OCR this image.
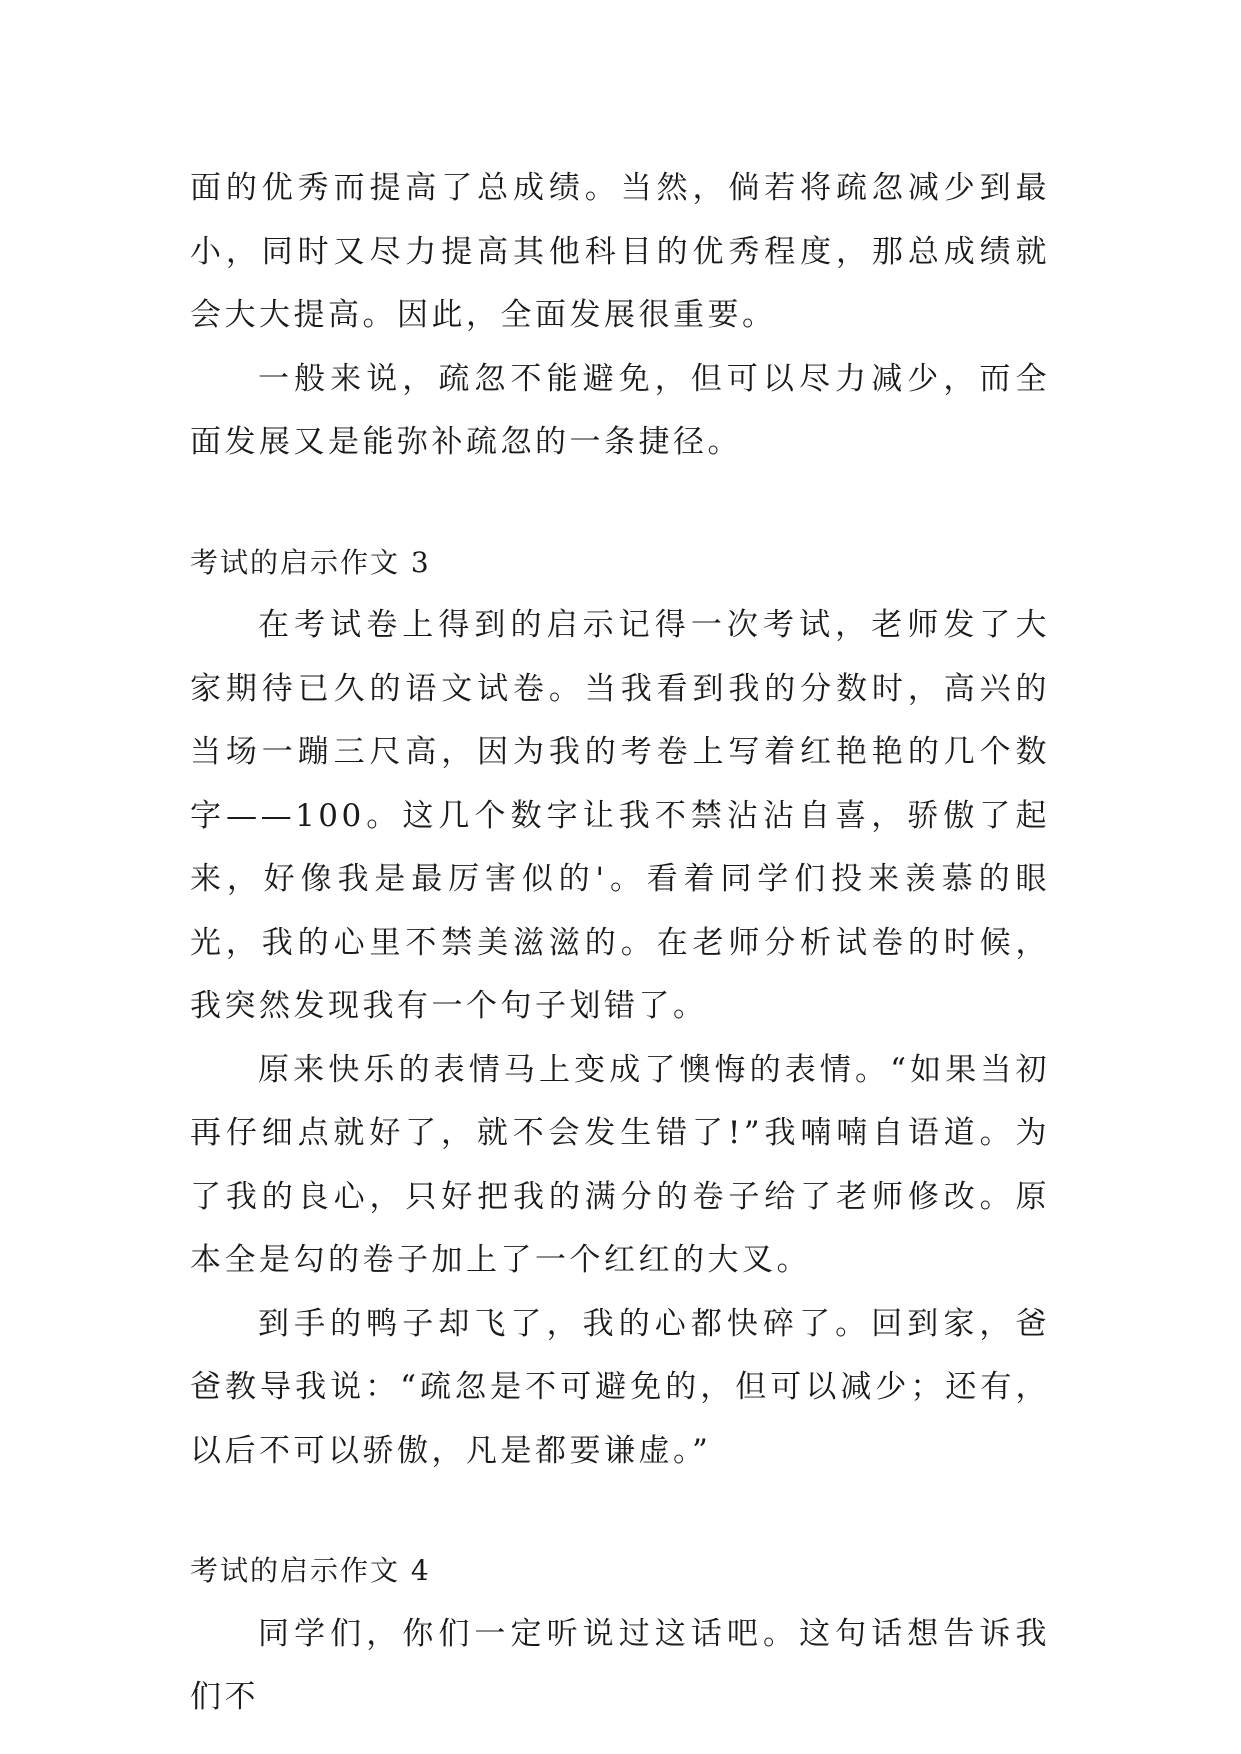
面的优秀而提高了总成绩。当然，倘若将疏忽减少到最小，同时又尽力提高其他科目的优秀程度，那总成绩就会大大提高。因此，全面发展很重要。

一般来说，疏忽不能避免，但可以尽力减少，而全面发展又是能弥补疏忽的一条捷径。

考试的启示作文 3

在考试卷上得到的启示记得一次考试，老师发了大家期待已久的语文试卷。当我看到我的分数时，高兴的当场一蹦三尺高，因为我的考卷上写着红艳艳的几个数字——100。这几个数字让我不禁沾沾自喜，骄傲了起来，好像我是最厉害似的'。看着同学们投来羡慕的眼光，我的心里不禁美滋滋的。在老师分析试卷的时候，我突然发现我有一个句子划错了。

原来快乐的表情马上变成了懊悔的表情。“如果当初再仔细点就好了，就不会发生错了!”我喃喃自语道。为了我的良心，只好把我的满分的卷子给了老师修改。原本全是勾的卷子加上了一个红红的大叉。

到手的鸭子却飞了，我的心都快碎了。回到家，爸爸教导我说：“疏忽是不可避免的，但可以减少；还有，以后不可以骄傲，凡是都要谦虚。”

考试的启示作文 4

同学们，你们一定听说过这话吧。这句话想告诉我们不
